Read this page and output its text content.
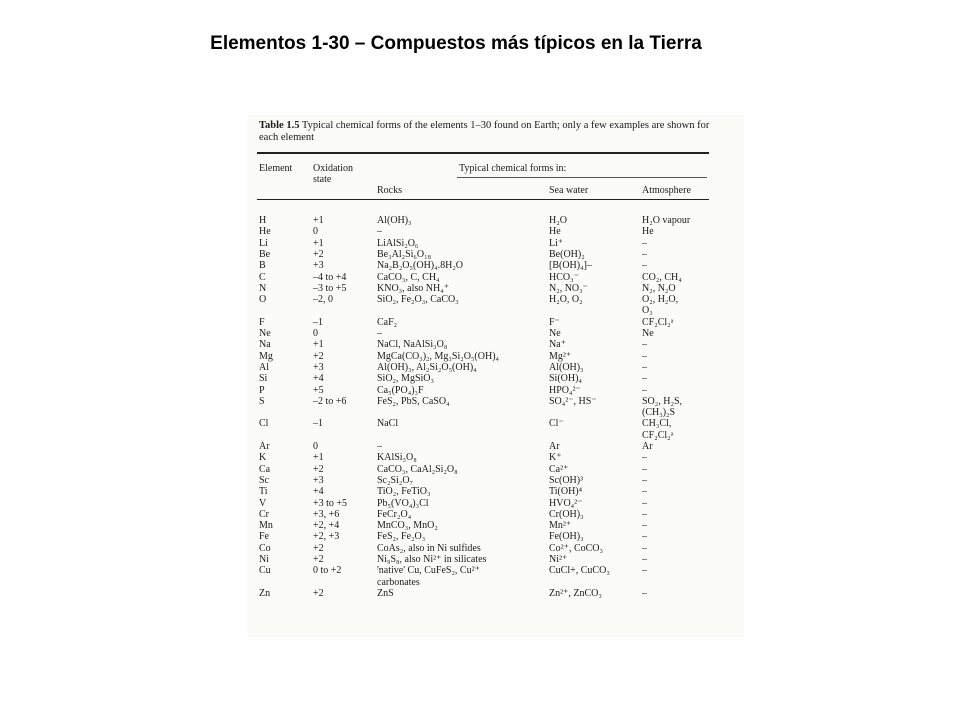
Elementos 1-30 – Compuestos más típicos en la Tierra
Table 1.5 Typical chemical forms of the elements 1–30 found on Earth; only a few examples are shown for each element
Element Oxidation
state
Typical chemical forms in:
Rocks	Sea water	Atmosphere
H	+1	Al(OH)₃	H₂O	H₂O vapour
He	0	–	He	He
Li	+1	LiAlSi₂O₆	Li⁺	–
Be	+2	Be₃Al₂Si₆O₁₈	Be(OH)₂	–
B	+3	Na₂B₂O₅(OH)₄.8H₂O	[B(OH)₄]–	–
C	–4 to +4	CaCO₃, C, CH₄	HCO₃⁻	CO₂, CH₄
N	–3 to +5	KNO₃, also NH₄⁺	N₂, NO₃⁻	N₂, N₂O
O	–2, 0	SiO₂, Fe₂O₃, CaCO₃	H₂O, O₂	O₂, H₂O,
O₃
F	–1	CaF₂	F⁻	CF₂Cl₂ᵃ
Ne	0	–	Ne	Ne
Na	+1	NaCl, NaAlSi₃O₈	Na⁺	–
Mg	+2	MgCa(CO₃)₂, Mg₃Si₂O₅(OH)₄	Mg²⁺	–
Al	+3	Al(OH)₃, Al₂Si₂O₅(OH)₄	Al(OH)₃	–
Si	+4	SiO₂, MgSiO₃	Si(OH)₄	–
P	+5	Ca₅(PO₄)₃F	HPO₄²⁻	–
S	–2 to +6	FeS₂, PbS, CaSO₄	SO₄²⁻, HS⁻	SO₂, H₂S,
(CH₃)₂S
Cl	–1	NaCl	Cl⁻	CH₃Cl,
CF₂Cl₂ᵃ
Ar	0	–	Ar	Ar
K	+1	KAlSi₃O₈	K⁺	–
Ca	+2	CaCO₃, CaAl₂Si₂O₈	Ca²⁺	–
Sc	+3	Sc₂Si₂O₇	Sc(OH)³	–
Ti	+4	TiO₂, FeTiO₃	Ti(OH)⁴	–
V	+3 to +5	Pb₅(VO₄)₃Cl	HVO₄²⁻	–
Cr	+3, +6	FeCr₂O₄	Cr(OH)₃	–
Mn	+2, +4	MnCO₃, MnO₂	Mn²⁺	–
Fe	+2, +3	FeS₂, Fe₂O₃	Fe(OH)₃	–
Co	+2	CoAs₂, also in Ni sulfides	Co²⁺, CoCO₃	–
Ni	+2	Ni₉S₈, also Ni²⁺ in silicates	Ni²⁺	–
Cu	0 to +2	'native' Cu, CuFeS₂, Cu²⁺	CuCl+, CuCO₃	–
carbonates
Zn	+2	ZnS	Zn²⁺, ZnCO₃	–
